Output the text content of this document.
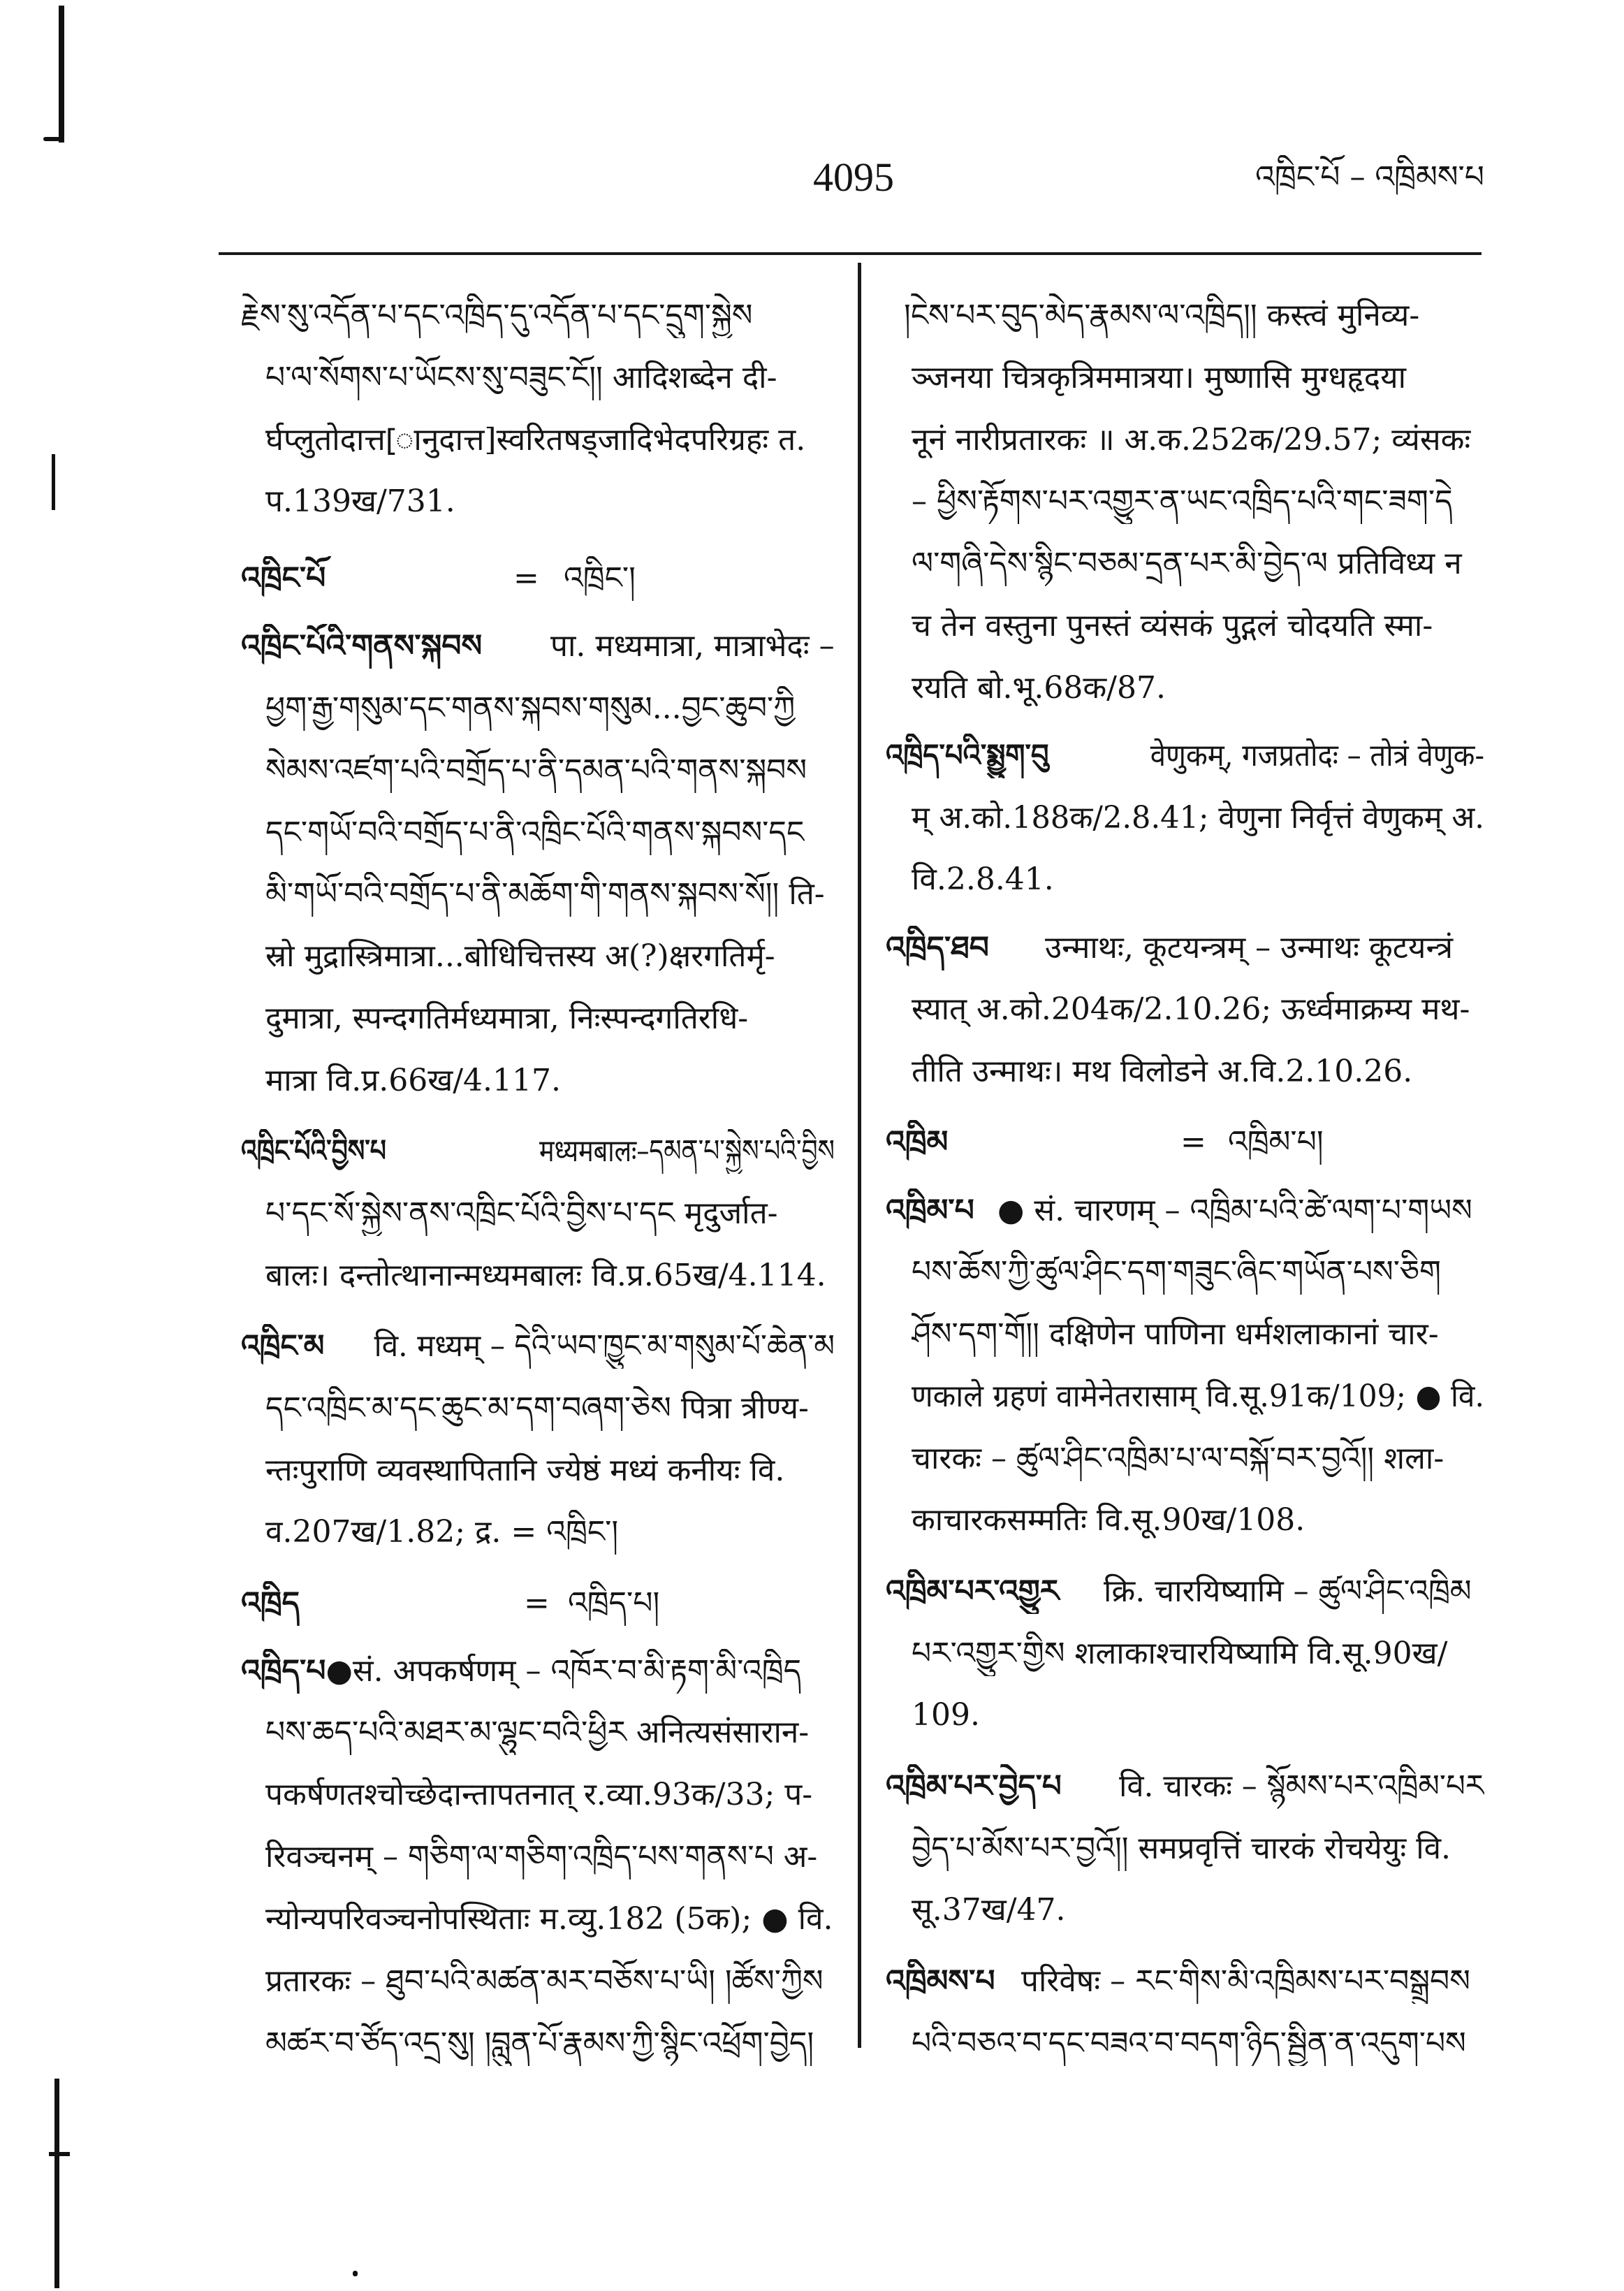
4095	འཁྲིང་པོ – འཁྲིམས་པ
རྗེས་སུ་འདོན་པ་དང་འཁྲིད་དུ་འདོན་པ་དང་དྲུག་སྐྱེས
པ་ལ་སོགས་པ་ཡོངས་སུ་བཟུང་ངོ།། आदिशब्देन दी-
र्घप्लुतोदात्त[ानुदात्त]स्वरितषड्जादिभेदपरिग्रहः त.
प.139ख/731.
འཁྲིང་པོ	= འཁྲིང་།
འཁྲིང་པོའི་གནས་སྐབས पा. मध्यमात्रा, मात्राभेदः –
ཕྱག་རྒྱ་གསུམ་དང་གནས་སྐབས་གསུམ...བྱང་ཆུབ་ཀྱི
སེམས་འཛག་པའི་བགྲོད་པ་ནི་དམན་པའི་གནས་སྐབས
དང་གཡོ་བའི་བགྲོད་པ་ནི་འཁྲིང་པོའི་གནས་སྐབས་དང
མི་གཡོ་བའི་བགྲོད་པ་ནི་མཆོག་གི་གནས་སྐབས་སོ།། ति-
स्रो मुद्रास्त्रिमात्रा...बोधिचित्तस्य अ(?)क्षरगतिर्मृ-
दुमात्रा, स्पन्दगतिर्मध्यमात्रा, निःस्पन्दगतिरधि-
मात्रा वि.प्र.66ख/4.117.
འཁྲིང་པོའི་བྱིས་པ	मध्यमबालः–དམན་པ་སྐྱེས་པའི་བྱིས
པ་དང་སོ་སྐྱེས་ནས་འཁྲིང་པོའི་བྱིས་པ་དང मृदुर्जात-
बालः। दन्तोत्थानान्मध्यमबालः वि.प्र.65ख/4.114.
འཁྲིང་མ वि. मध्यम् – དེའི་ཡབ་ཁྱུང་མ་གསུམ་པོ་ཆེན་མ
དང་འཁྲིང་མ་དང་ཆུང་མ་དག་བཞག་ཅེས पित्रा त्रीण्य-
न्तःपुराणि व्यवस्थापितानि ज्येष्ठं मध्यं कनीयः वि.
व.207ख/1.82; द्र. = འཁྲིང་།
འཁྲིད	= འཁྲིད་པ།
འཁྲིད་པ●सं. अपकर्षणम् – འཁོར་བ་མི་རྟག་མི་འཁྲིད
པས་ཆད་པའི་མཐར་མ་ལྷུང་བའི་ཕྱིར अनित्यसंसारान-
पकर्षणतश्चोच्छेदान्तापतनात् र.व्या.93क/33; प-
रिवञ्चनम् – གཅིག་ལ་གཅིག་འཁྲིད་པས་གནས་པ अ-
न्योन्यपरिवञ्चनोपस्थिताः म.व्यु.182 (5क); ● वि.
प्रतारकः – ཐུབ་པའི་མཚན་མར་བཅོས་པ་ཡི། །ཚོས་ཀྱིས
མཚར་བ་ཙོད་འདྲ་སུ། །བླུན་པོ་རྣམས་ཀྱི་སྙིང་འཕྲོག་བྱེད།
།ངེས་པར་བུད་མེད་རྣམས་ལ་འཁྲིད།། कस्त्वं मुनिव्य-
ञ्जनया चित्रकृत्रिममात्रया। मुष्णासि मुग्धहृदया
नूनं नारीप्रतारकः ॥ अ.क.252क/29.57; व्यंसकः
– ཕྱིས་རྟོགས་པར་འགྱུར་ན་ཡང་འཁྲིད་པའི་གང་ཟག་དེ
ལ་གཞི་དེས་སྙིང་བཅམ་དྲན་པར་མི་བྱེད་ལ प्रतिविध्य न
च तेन वस्तुना पुनस्तं व्यंसकं पुद्गलं चोदयति स्मा-
रयति बो.भू.68क/87.
འཁྲིད་པའི་སྨྱུག་བུ	वेणुकम्, गजप्रतोदः – तोत्रं वेणुक-
म् अ.को.188क/2.8.41; वेणुना निर्वृत्तं वेणुकम् अ.
वि.2.8.41.
འཁྲིད་ཐབ उन्माथः, कूटयन्त्रम् – उन्माथः कूटयन्त्रं
स्यात् अ.को.204क/2.10.26; ऊर्ध्वमाक्रम्य मथ-
तीति उन्माथः। मथ विलोडने अ.वि.2.10.26.
འཁྲིམ	= འཁྲིམ་པ།
འཁྲིམ་པ ● सं. चारणम् – འཁྲིམ་པའི་ཚེ་ལག་པ་གཡས
པས་ཆོས་ཀྱི་ཚུལ་ཤིང་དག་གཟུང་ཞིང་གཡོན་པས་ཅིག
ཤོས་དག་གོ།། दक्षिणेन पाणिना धर्मशलाकानां चार-
णकाले ग्रहणं वामेनेतरासाम् वि.सू.91क/109; ● वि.
चारकः – ཚུལ་ཤིང་འཁྲིམ་པ་ལ་བསྐོ་བར་བྱའོ།། शला-
काचारकसम्मतिः वि.सू.90ख/108.
འཁྲིམ་པར་འགྱུར क्रि. चारयिष्यामि – ཚུལ་ཤིང་འཁྲིམ
པར་འགྱུར་གྱིས शलाकाश्चारयिष्यामि वि.सू.90ख/
109.
འཁྲིམ་པར་བྱེད་པ वि. चारकः – སྙོམས་པར་འཁྲིམ་པར
བྱེད་པ་མོས་པར་བྱའོ།། समप्रवृत्तिं चारकं रोचयेयुः वि.
सू.37ख/47.
འཁྲིམས་པ परिवेषः – རང་གིས་མི་འཁྲིམས་པར་བསྒྲུབས
པའི་བཅའ་བ་དང་བཟའ་བ་བདག་ཉིད་སྦྱིན་ན་འདུག་པས
